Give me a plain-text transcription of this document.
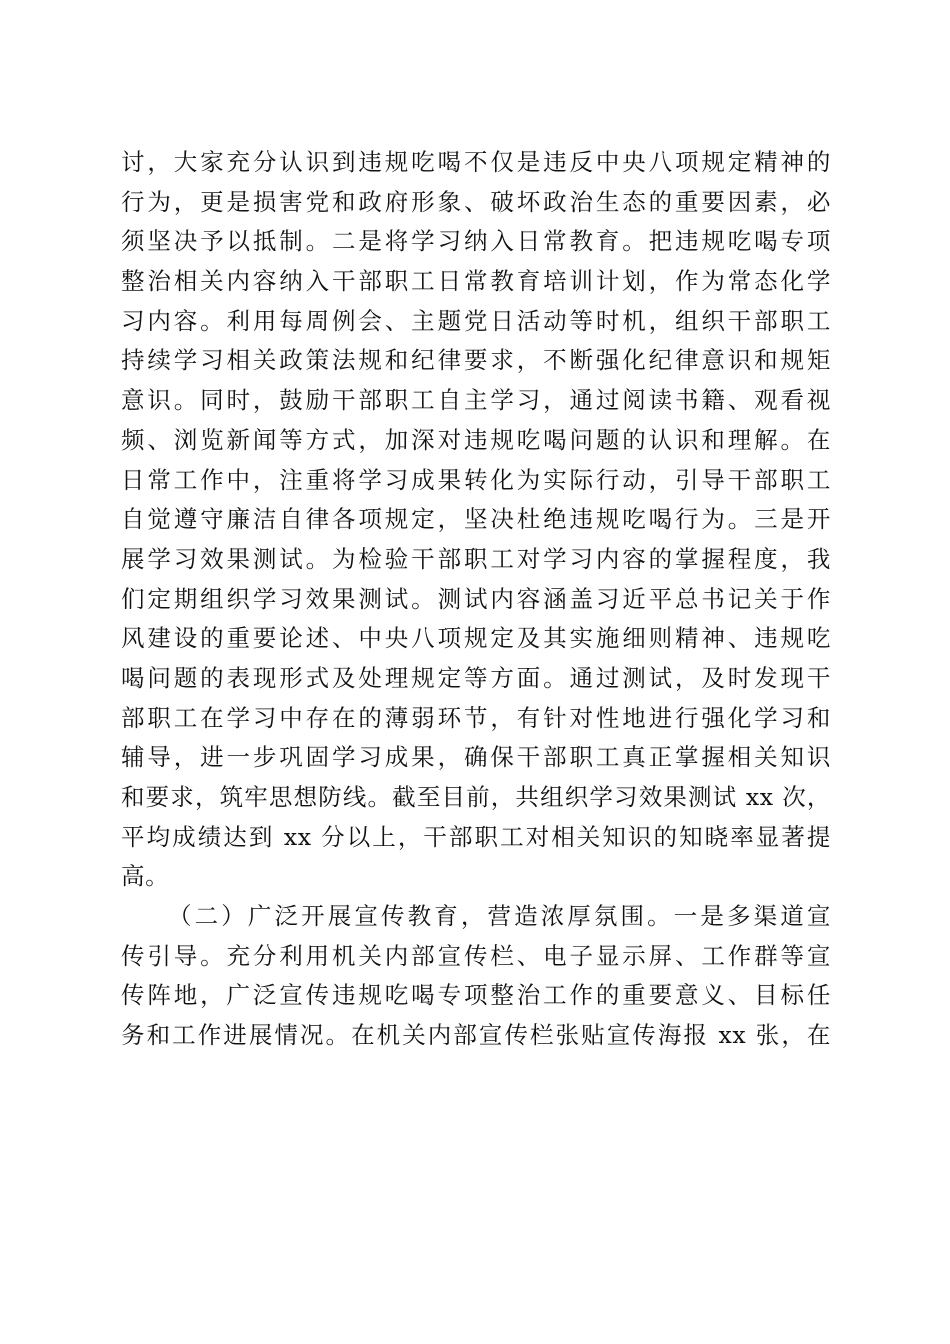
讨，大家充分认识到违规吃喝不仅是违反中央八项规定精神的
行为，更是损害党和政府形象、破坏政治生态的重要因素，必
须坚决予以抵制。二是将学习纳入日常教育。把违规吃喝专项
整治相关内容纳入干部职工日常教育培训计划，作为常态化学
习内容。利用每周例会、主题党日活动等时机，组织干部职工
持续学习相关政策法规和纪律要求，不断强化纪律意识和规矩
意识。同时，鼓励干部职工自主学习，通过阅读书籍、观看视
频、浏览新闻等方式，加深对违规吃喝问题的认识和理解。在
日常工作中，注重将学习成果转化为实际行动，引导干部职工
自觉遵守廉洁自律各项规定，坚决杜绝违规吃喝行为。三是开
展学习效果测试。为检验干部职工对学习内容的掌握程度，我
们定期组织学习效果测试。测试内容涵盖习近平总书记关于作
风建设的重要论述、中央八项规定及其实施细则精神、违规吃
喝问题的表现形式及处理规定等方面。通过测试，及时发现干
部职工在学习中存在的薄弱环节，有针对性地进行强化学习和
辅导，进一步巩固学习成果，确保干部职工真正掌握相关知识
和要求，筑牢思想防线。截至目前，共组织学习效果测试 xx 次，
平均成绩达到 xx 分以上，干部职工对相关知识的知晓率显著提
高。
（二）广泛开展宣传教育，营造浓厚氛围。一是多渠道宣
传引导。充分利用机关内部宣传栏、电子显示屏、工作群等宣
传阵地，广泛宣传违规吃喝专项整治工作的重要意义、目标任
务和工作进展情况。在机关内部宣传栏张贴宣传海报 xx 张，在
